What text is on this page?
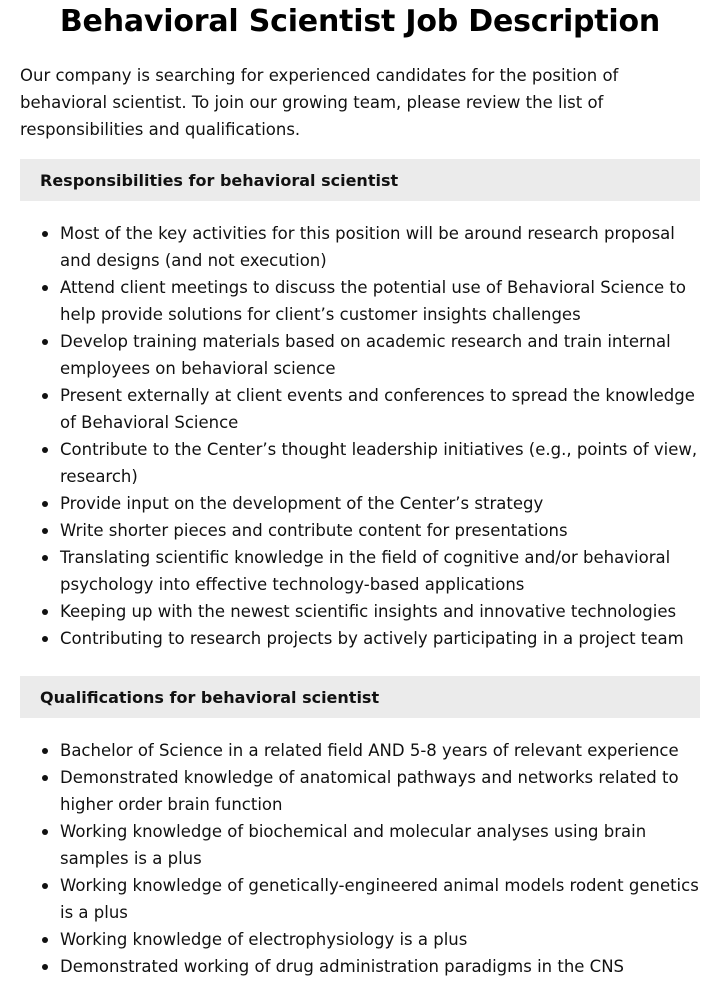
Behavioral Scientist Job Description

Our company is searching for experienced candidates for the position of behavioral scientist. To join our growing team, please review the list of responsibilities and qualifications.

Responsibilities for behavioral scientist
Most of the key activities for this position will be around research proposal and designs (and not execution)
Attend client meetings to discuss the potential use of Behavioral Science to help provide solutions for client’s customer insights challenges
Develop training materials based on academic research and train internal employees on behavioral science
Present externally at client events and conferences to spread the knowledge of Behavioral Science
Contribute to the Center’s thought leadership initiatives (e.g., points of view, research)
Provide input on the development of the Center’s strategy
Write shorter pieces and contribute content for presentations
Translating scientific knowledge in the field of cognitive and/or behavioral psychology into effective technology-based applications
Keeping up with the newest scientific insights and innovative technologies
Contributing to research projects by actively participating in a project team
Qualifications for behavioral scientist
Bachelor of Science in a related field AND 5-8 years of relevant experience
Demonstrated knowledge of anatomical pathways and networks related to higher order brain function
Working knowledge of biochemical and molecular analyses using brain samples is a plus
Working knowledge of genetically-engineered animal models rodent genetics is a plus
Working knowledge of electrophysiology is a plus
Demonstrated working of drug administration paradigms in the CNS
